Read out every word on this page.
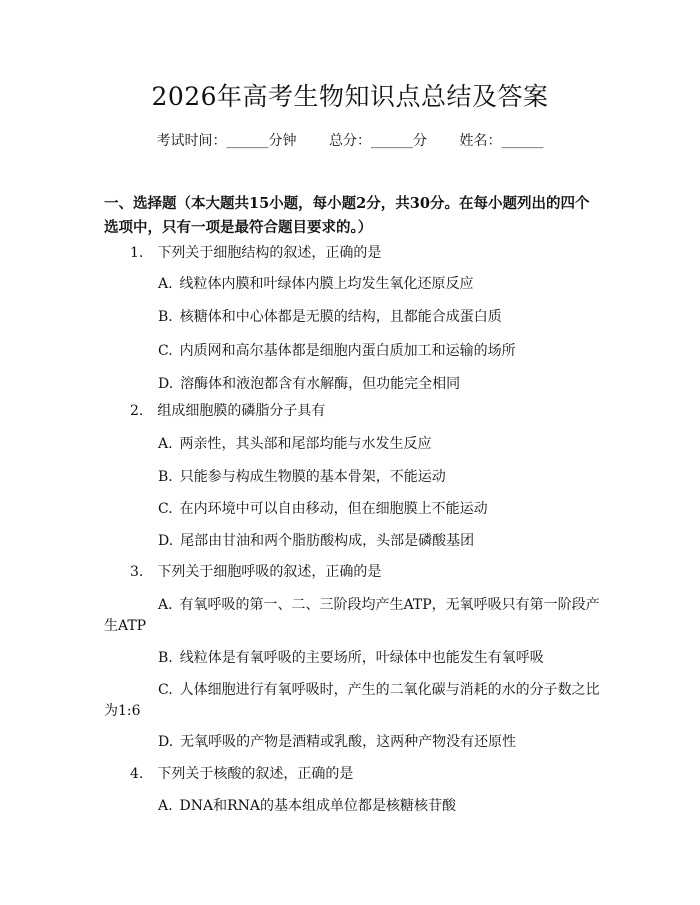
2026年高考生物知识点总结及答案
考试时间：______分钟 总分：______分 姓名：______
一、选择题（本大题共15小题，每小题2分，共30分。在每小题列出的四个选项中，只有一项是最符合题目要求的。）
1.　下列关于细胞结构的叙述，正确的是
A. 线粒体内膜和叶绿体内膜上均发生氧化还原反应
B. 核糖体和中心体都是无膜的结构，且都能合成蛋白质
C. 内质网和高尔基体都是细胞内蛋白质加工和运输的场所
D. 溶酶体和液泡都含有水解酶，但功能完全相同
2.　组成细胞膜的磷脂分子具有
A. 两亲性，其头部和尾部均能与水发生反应
B. 只能参与构成生物膜的基本骨架，不能运动
C. 在内环境中可以自由移动，但在细胞膜上不能运动
D. 尾部由甘油和两个脂肪酸构成，头部是磷酸基团
3.　下列关于细胞呼吸的叙述，正确的是
A. 有氧呼吸的第一、二、三阶段均产生ATP，无氧呼吸只有第一阶段产
生ATP
B. 线粒体是有氧呼吸的主要场所，叶绿体中也能发生有氧呼吸
C. 人体细胞进行有氧呼吸时，产生的二氧化碳与消耗的水的分子数之比
为1:6
D. 无氧呼吸的产物是酒精或乳酸，这两种产物没有还原性
4.　下列关于核酸的叙述，正确的是
A. DNA和RNA的基本组成单位都是核糖核苷酸
